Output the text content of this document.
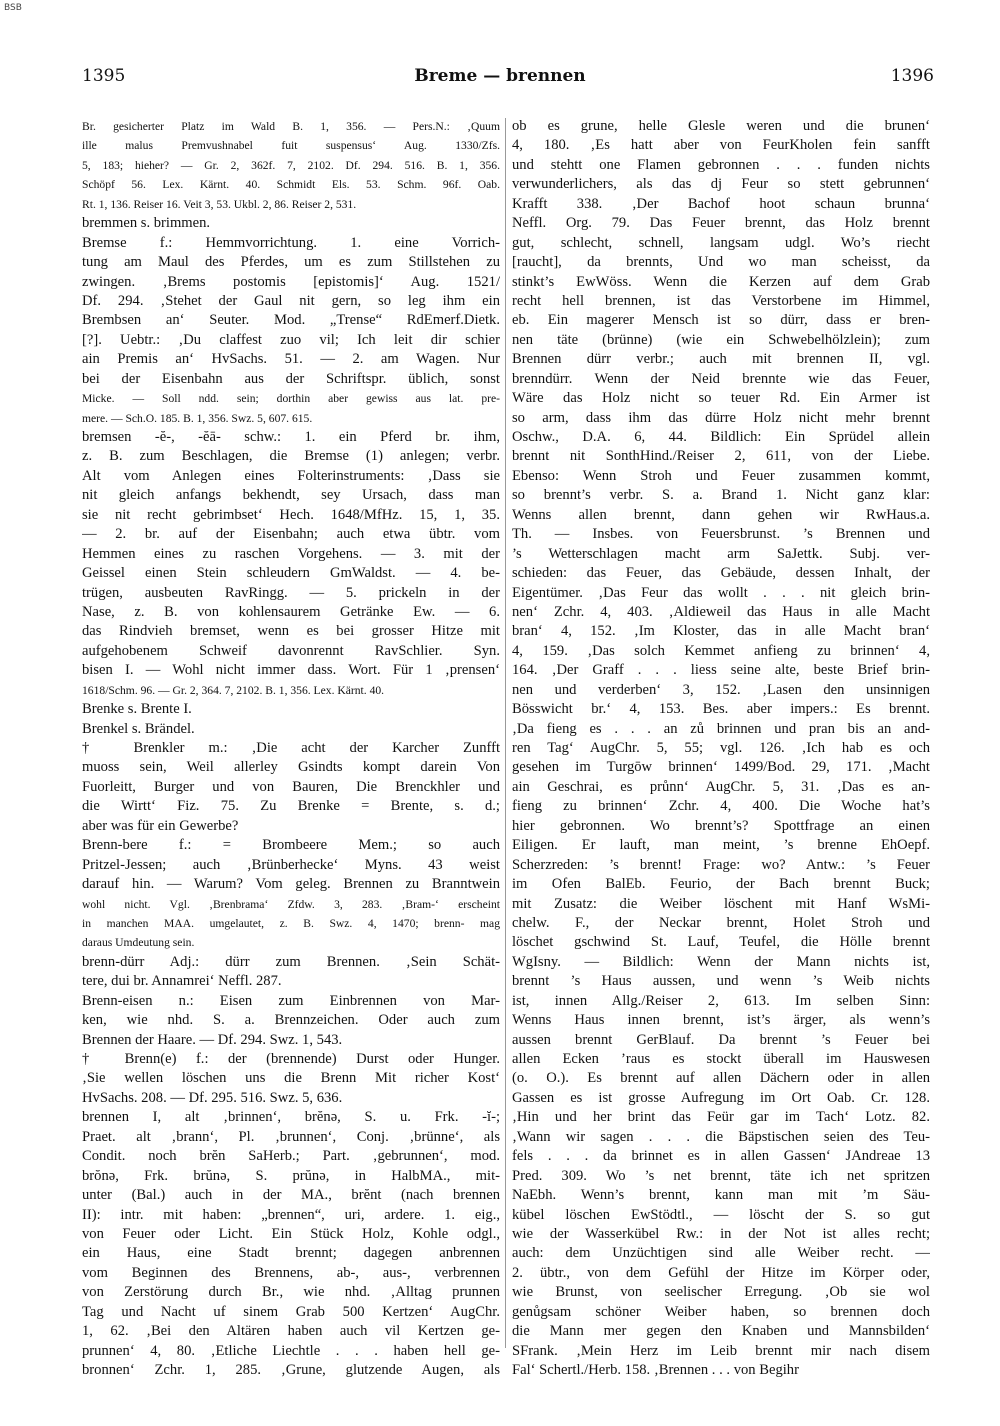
BSB
1395	Breme — brennen	1396
Br. gesicherter Platz im Wald B. 1, 356. — Pers.N.: ‚Quum
ille malus Premvushnabel fuit suspensus‘ Aug. 1330/Zfs.
5, 183; hieher? — Gr. 2, 362f. 7, 2102. Df. 294. 516. B. 1, 356.
Schöpf 56. Lex. Kärnt. 40. Schmidt Els. 53. Schm. 96f. Oab.
Rt. 1, 136. Reiser 16. Veit 3, 53. Ukbl. 2, 86. Reiser 2, 531.
bremmen s. brimmen.
Bremse f.: Hemmvorrichtung. 1. eine Vorrich-
tung am Maul des Pferdes, um es zum Stillstehen zu
zwingen. ‚Brems postomis [epistomis]‘ Aug. 1521/
Df. 294. ‚Stehet der Gaul nit gern, so leg ihm ein
Brembsen an‘ Seuter. Mod. „Trense“ RdEmerf.Dietk.
[?]. Uebtr.: ‚Du claffest zuo vil; Ich leit dir schier
ain Premis an‘ HvSachs. 51. — 2. am Wagen. Nur
bei der Eisenbahn aus der Schriftspr. üblich, sonst
Micke. — Soll ndd. sein; dorthin aber gewiss aus lat. pre-
mere. — Sch.O. 185. B. 1, 356. Swz. 5, 607. 615.
bremsen -ĕ-, -ĕā- schw.: 1. ein Pferd br. ihm,
z. B. zum Beschlagen, die Bremse (1) anlegen; verbr.
Alt vom Anlegen eines Folterinstruments: ‚Dass sie
nit gleich anfangs bekhendt, sey Ursach, dass man
sie nit recht gebrimbset‘ Hech. 1648/MfHz. 15, 1, 35.
— 2. br. auf der Eisenbahn; auch etwa übtr. vom
Hemmen eines zu raschen Vorgehens. — 3. mit der
Geissel einen Stein schleudern GmWaldst. — 4. be-
trügen, ausbeuten RavRingg. — 5. prickeln in der
Nase, z. B. von kohlensaurem Getränke Ew. — 6.
das Rindvieh bremset, wenn es bei grosser Hitze mit
aufgehobenem Schweif davonrennt RavSchlier. Syn.
bisen I. — Wohl nicht immer dass. Wort. Für 1 ‚prensen‘
1618/Schm. 96. — Gr. 2, 364. 7, 2102. B. 1, 356. Lex. Kärnt. 40.
Brenke s. Brente I.
Brenkel s. Brändel.
† Brenkler m.: ‚Die acht der Karcher Zunfft
muoss sein, Weil allerley Gsindts kompt darein Von
Fuorleitt, Burger und von Bauren, Die Brenckhler und
die Wirtt‘ Fiz. 75. Zu Brenke = Brente, s. d.;
aber was für ein Gewerbe?
Brenn-bere f.: = Brombeere Mem.; so auch
Pritzel-Jessen; auch ‚Brünberhecke‘ Myns. 43 weist
darauf hin. — Warum? Vom geleg. Brennen zu Branntwein
wohl nicht. Vgl. ‚Brenbrama‘ Zfdw. 3, 283. ‚Bram-‘ erscheint
in manchen MAA. umgelautet, z. B. Swz. 4, 1470; brenn- mag
daraus Umdeutung sein.
brenn-dürr Adj.: dürr zum Brennen. ‚Sein Schät-
tere, dui br. Annamrei‘ Neffl. 287.
Brenn-eisen n.: Eisen zum Einbrennen von Mar-
ken, wie nhd. S. a. Brennzeichen. Oder auch zum
Brennen der Haare. — Df. 294. Swz. 1, 543.
† Brenn(e) f.: der (brennende) Durst oder Hunger.
‚Sie wellen löschen uns die Brenn Mit richer Kost‘
HvSachs. 208. — Df. 295. 516. Swz. 5, 636.
brennen I, alt ‚brinnen‘, brĕnə, S. u. Frk. -ĭ-;
Praet. alt ‚brann‘, Pl. ‚brunnen‘, Conj. ‚brünne‘, als
Condit. noch brĕn SaHerb.; Part. ‚gebrunnen‘, mod.
brŏnə, Frk. brŭnə, S. prŭnə, in HalbMA., mit-
unter (Bal.) auch in der MA., brĕnt (nach brennen
II): intr. mit haben: „brennen“, uri, ardere. 1. eig.,
von Feuer oder Licht. Ein Stück Holz, Kohle odgl.,
ein Haus, eine Stadt brennt; dagegen anbrennen
vom Beginnen des Brennens, ab-, aus-, verbrennen
von Zerstörung durch Br., wie nhd. ‚Alltag prunnen
Tag und Nacht uf sinem Grab 500 Kertzen‘ AugChr.
1, 62. ‚Bei den Altären haben auch vil Kertzen ge-
prunnen‘ 4, 80. ‚Etliche Liechtle . . . haben hell ge-
bronnen‘ Zchr. 1, 285. ‚Grune, glutzende Augen, als
ob es grune, helle Glesle weren und die brunen‘
4, 180. ‚Es hatt aber von FeurKholen fein sanfft
und stehtt one Flamen gebronnen . . . funden nichts
verwunderlichers, als das dj Feur so stett gebrunnen‘
Krafft 338. ‚Der Bachof hoot schaun brunna‘
Neffl. Org. 79. Das Feuer brennt, das Holz brennt
gut, schlecht, schnell, langsam udgl. Wo’s riecht
[raucht], da brennts, Und wo man scheisst, da
stinkt’s EwWöss. Wenn die Kerzen auf dem Grab
recht hell brennen, ist das Verstorbene im Himmel,
eb. Ein magerer Mensch ist so dürr, dass er bren-
nen täte (brünne) (wie ein Schwebelhölzlein); zum
Brennen dürr verbr.; auch mit brennen II, vgl.
brenndürr. Wenn der Neid brennte wie das Feuer,
Wäre das Holz nicht so teuer Rd. Ein Armer ist
so arm, dass ihm das dürre Holz nicht mehr brennt
Oschw., D.A. 6, 44. Bildlich: Ein Sprüdel allein
brennt nit SonthHind./Reiser 2, 611, von der Liebe.
Ebenso: Wenn Stroh und Feuer zusammen kommt,
so brennt’s verbr. S. a. Brand 1. Nicht ganz klar:
Wenns allen brennt, dann gehen wir RwHaus.a.
Th. — Insbes. von Feuersbrunst. ’s Brennen und
’s Wetterschlagen macht arm SaJettk. Subj. ver-
schieden: das Feuer, das Gebäude, dessen Inhalt, der
Eigentümer. ‚Das Feur das wollt . . . nit gleich brin-
nen‘ Zchr. 4, 403. ‚Aldieweil das Haus in alle Macht
bran‘ 4, 152. ‚Im Kloster, das in alle Macht bran‘
4, 159. ‚Das solch Kemmet anfieng zu brinnen‘ 4,
164. ‚Der Graff . . . liess seine alte, beste Brief brin-
nen und verderben‘ 3, 152. ‚Lasen den unsinnigen
Bösswicht br.‘ 4, 153. Bes. aber impers.: Es brennt.
‚Da fieng es . . . an zů brinnen und pran bis an and-
ren Tag‘ AugChr. 5, 55; vgl. 126. ‚Ich hab es och
gesehen im Turgōw brinnen‘ 1499/Bod. 29, 171. ‚Macht
ain Geschrai, es průnn‘ AugChr. 5, 31. ‚Das es an-
fieng zu brinnen‘ Zchr. 4, 400. Die Woche hat’s
hier gebronnen. Wo brennt’s? Spottfrage an einen
Eiligen. Er lauft, man meint, ’s brenne EhOepf.
Scherzreden: ’s brennt! Frage: wo? Antw.: ’s Feuer
im Ofen BalEb. Feurio, der Bach brennt Buck;
mit Zusatz: die Weiber löschent mit Hanf WsMi-
chelw. F., der Neckar brennt, Holet Stroh und
löschet gschwind St. Lauf, Teufel, die Hölle brennt
WgIsny. — Bildlich: Wenn der Mann nichts ist,
brennt ’s Haus aussen, und wenn ’s Weib nichts
ist, innen Allg./Reiser 2, 613. Im selben Sinn:
Wenns Haus innen brennt, ist’s ärger, als wenn’s
aussen brennt GerBlauf. Da brennt ’s Feuer bei
allen Ecken ’raus es stockt überall im Hauswesen
(o. O.). Es brennt auf allen Dächern oder in allen
Gassen es ist grosse Aufregung im Ort Oab. Cr. 128.
‚Hin und her brint das Feür gar im Tach‘ Lotz. 82.
‚Wann wir sagen . . . die Bäpstischen seien des Teu-
fels . . . da brinnet es in allen Gassen‘ JAndreae 13
Pred. 309. Wo ’s net brennt, täte ich net spritzen
NaEbh. Wenn’s brennt, kann man mit ’m Säu-
kübel löschen EwStödtl., — löscht der S. so gut
wie der Wasserkübel Rw.: in der Not ist alles recht;
auch: dem Unzüchtigen sind alle Weiber recht. —
2. übtr., von dem Gefühl der Hitze im Körper oder,
wie Brunst, von seelischer Erregung. ‚Ob sie wol
genůgsam schöner Weiber haben, so brennen doch
die Mann mer gegen den Knaben und Mannsbilden‘
SFrank. ‚Mein Herz im Leib brennt mir nach disem
Fal‘ Schertl./Herb. 158. ‚Brennen . . . von Begihr
